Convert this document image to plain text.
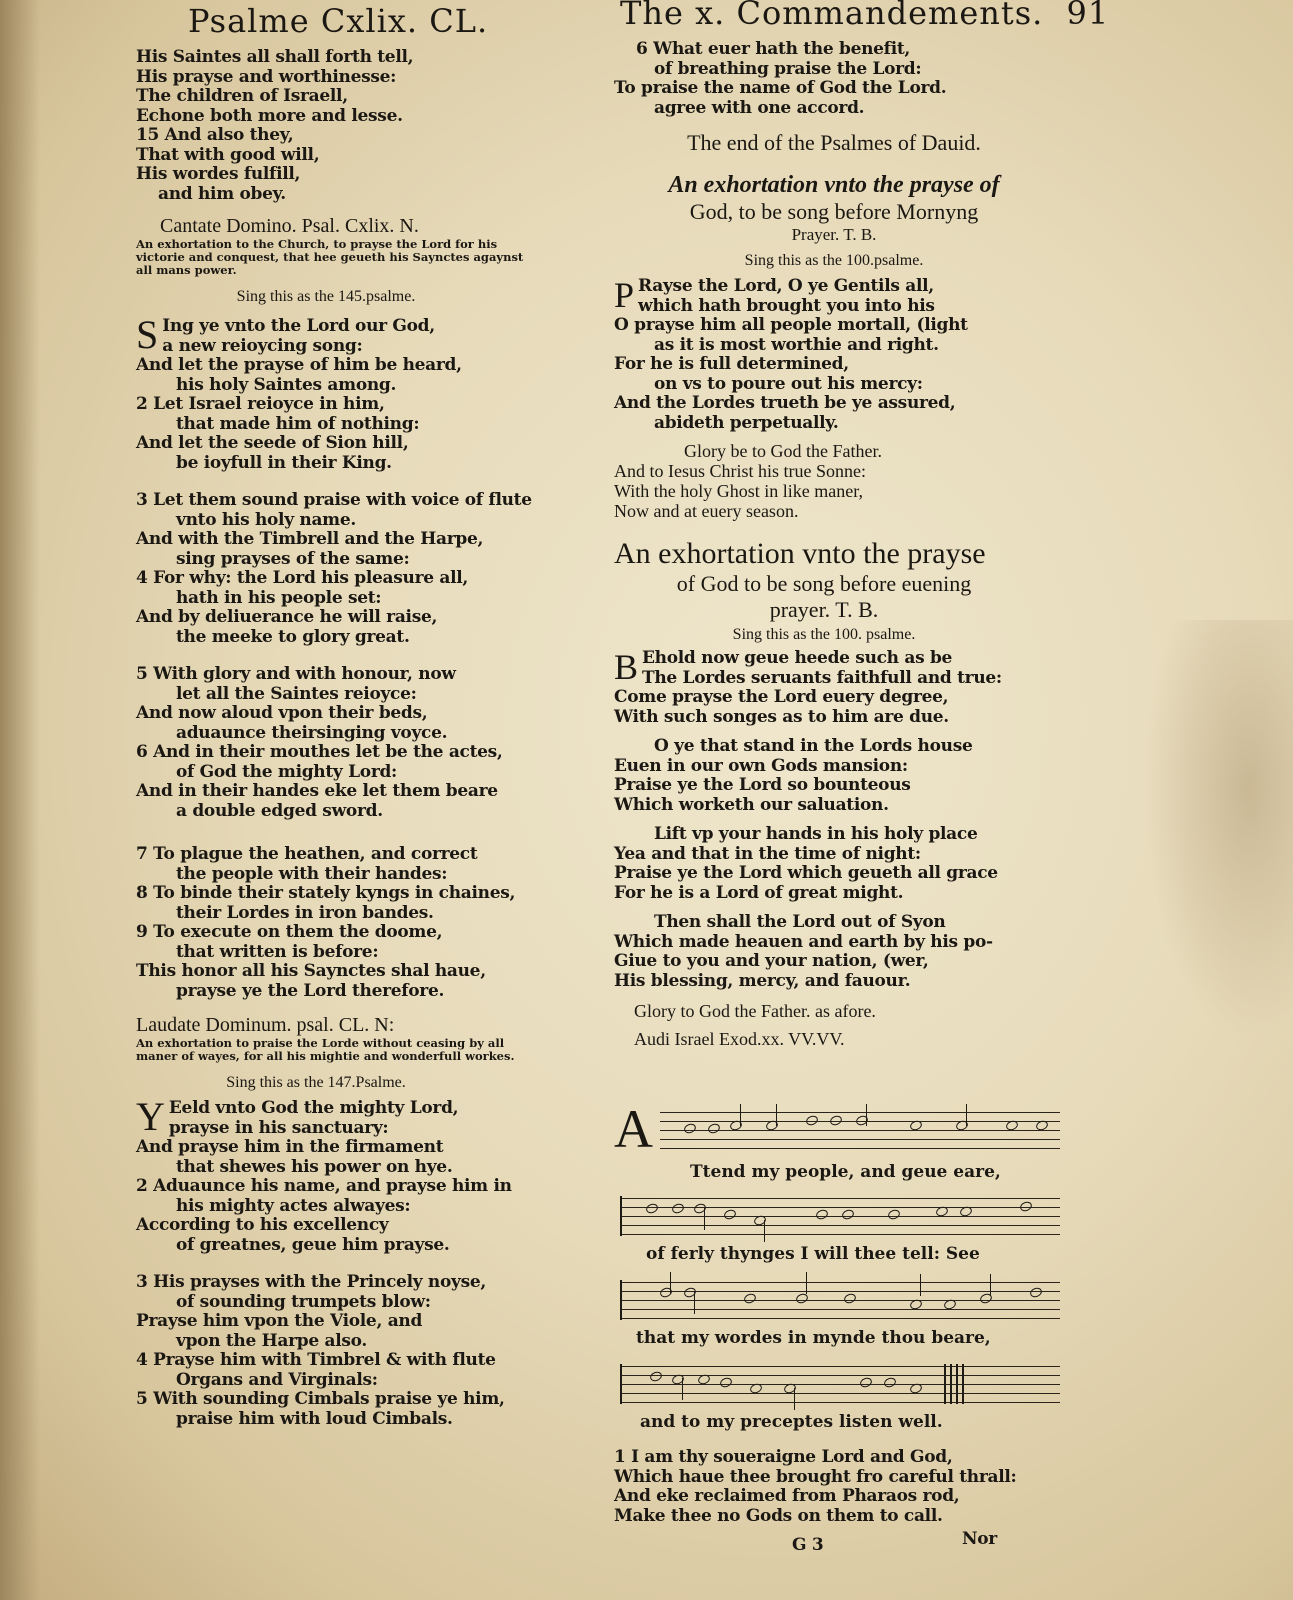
Psalme Cxlix. CL.	The x. Commandements. 91
His Saintes all shall forth tell,
His prayse and worthinesse:
The children of Israell,
Echone both more and lesse.
15 And also they,
That with good will,
His wordes fulfill,
and him obey.
Cantate Domino. Psal. Cxlix. N.
An exhortation to the Church, to prayse the Lord for his victorie and conquest, that hee geueth his Saynctes agaynst all mans power.
Sing this as the 145.psalme.
S Ing ye vnto the Lord our God,
a new reioycing song:
And let the prayse of him be heard,
his holy Saintes among.
2 Let Israel reioyce in him,
that made him of nothing:
And let the seede of Sion hill,
be ioyfull in their King.
3 Let them sound praise with voice of flute
vnto his holy name.
And with the Timbrell and the Harpe,
sing prayses of the same:
4 For why: the Lord his pleasure all,
hath in his people set:
And by deliuerance he will raise,
the meeke to glory great.
5 With glory and with honour, now
let all the Saintes reioyce:
And now aloud vpon their beds,
aduaunce theirsinging voyce.
6 And in their mouthes let be the actes,
of God the mighty Lord:
And in their handes eke let them beare
a double edged sword.
7 To plague the heathen, and correct
the people with their handes:
8 To binde their stately kyngs in chaines,
their Lordes in iron bandes.
9 To execute on them the doome,
that written is before:
This honor all his Saynctes shal haue,
prayse ye the Lord therefore.
Laudate Dominum. psal. CL. N:
An exhortation to praise the Lorde without ceasing by all maner of wayes, for all his mightie and wonderfull workes.
Sing this as the 147.Psalme.
Y Eeld vnto God the mighty Lord,
prayse in his sanctuary:
And prayse him in the firmament
that shewes his power on hye.
2 Aduaunce his name, and prayse him in
his mighty actes alwayes:
According to his excellency
of greatnes, geue him prayse.
3 His prayses with the Princely noyse,
of sounding trumpets blow:
Prayse him vpon the Viole, and
vpon the Harpe also.
4 Prayse him with Timbrel & with flute
Organs and Virginals:
5 With sounding Cimbals praise ye him,
praise him with loud Cimbals.
6 What euer hath the benefit,
of breathing praise the Lord:
To praise the name of God the Lord.
agree with one accord.
The end of the Psalmes of Dauid.
An exhortation vnto the prayse of
God, to be song before Mornyng
Prayer. T. B.
Sing this as the 100.psalme.
P Rayse the Lord, O ye Gentils all,
which hath brought you into his
O prayse him all people mortall, (light
as it is most worthie and right.
For he is full determined,
on vs to poure out his mercy:
And the Lordes trueth be ye assured,
abideth perpetually.
Glory be to God the Father.
And to Iesus Christ his true Sonne:
With the holy Ghost in like maner,
Now and at euery season.
An exhortation vnto the prayse
of God to be song before euening
prayer. T. B.
Sing this as the 100. psalme.
B Ehold now geue heede such as be
The Lordes seruants faithfull and true:
Come prayse the Lord euery degree,
With such songes as to him are due.
O ye that stand in the Lords house
Euen in our own Gods mansion:
Praise ye the Lord so bounteous
Which worketh our saluation.
Lift vp your hands in his holy place
Yea and that in the time of night:
Praise ye the Lord which geueth all grace
For he is a Lord of great might.
Then shall the Lord out of Syon
Which made heauen and earth by his po-
Giue to you and your nation, (wer,
His blessing, mercy, and fauour.
Glory to God the Father. as afore.
Audi Israel Exod.xx. VV.VV.
A
Ttend my people, and geue eare,
of ferly thynges I will thee tell: See
that my wordes in mynde thou beare,
and to my preceptes listen well.
1 I am thy soueraigne Lord and God,
Which haue thee brought fro careful thrall:
And eke reclaimed from Pharaos rod,
Make thee no Gods on them to call.
G 3	Nor
